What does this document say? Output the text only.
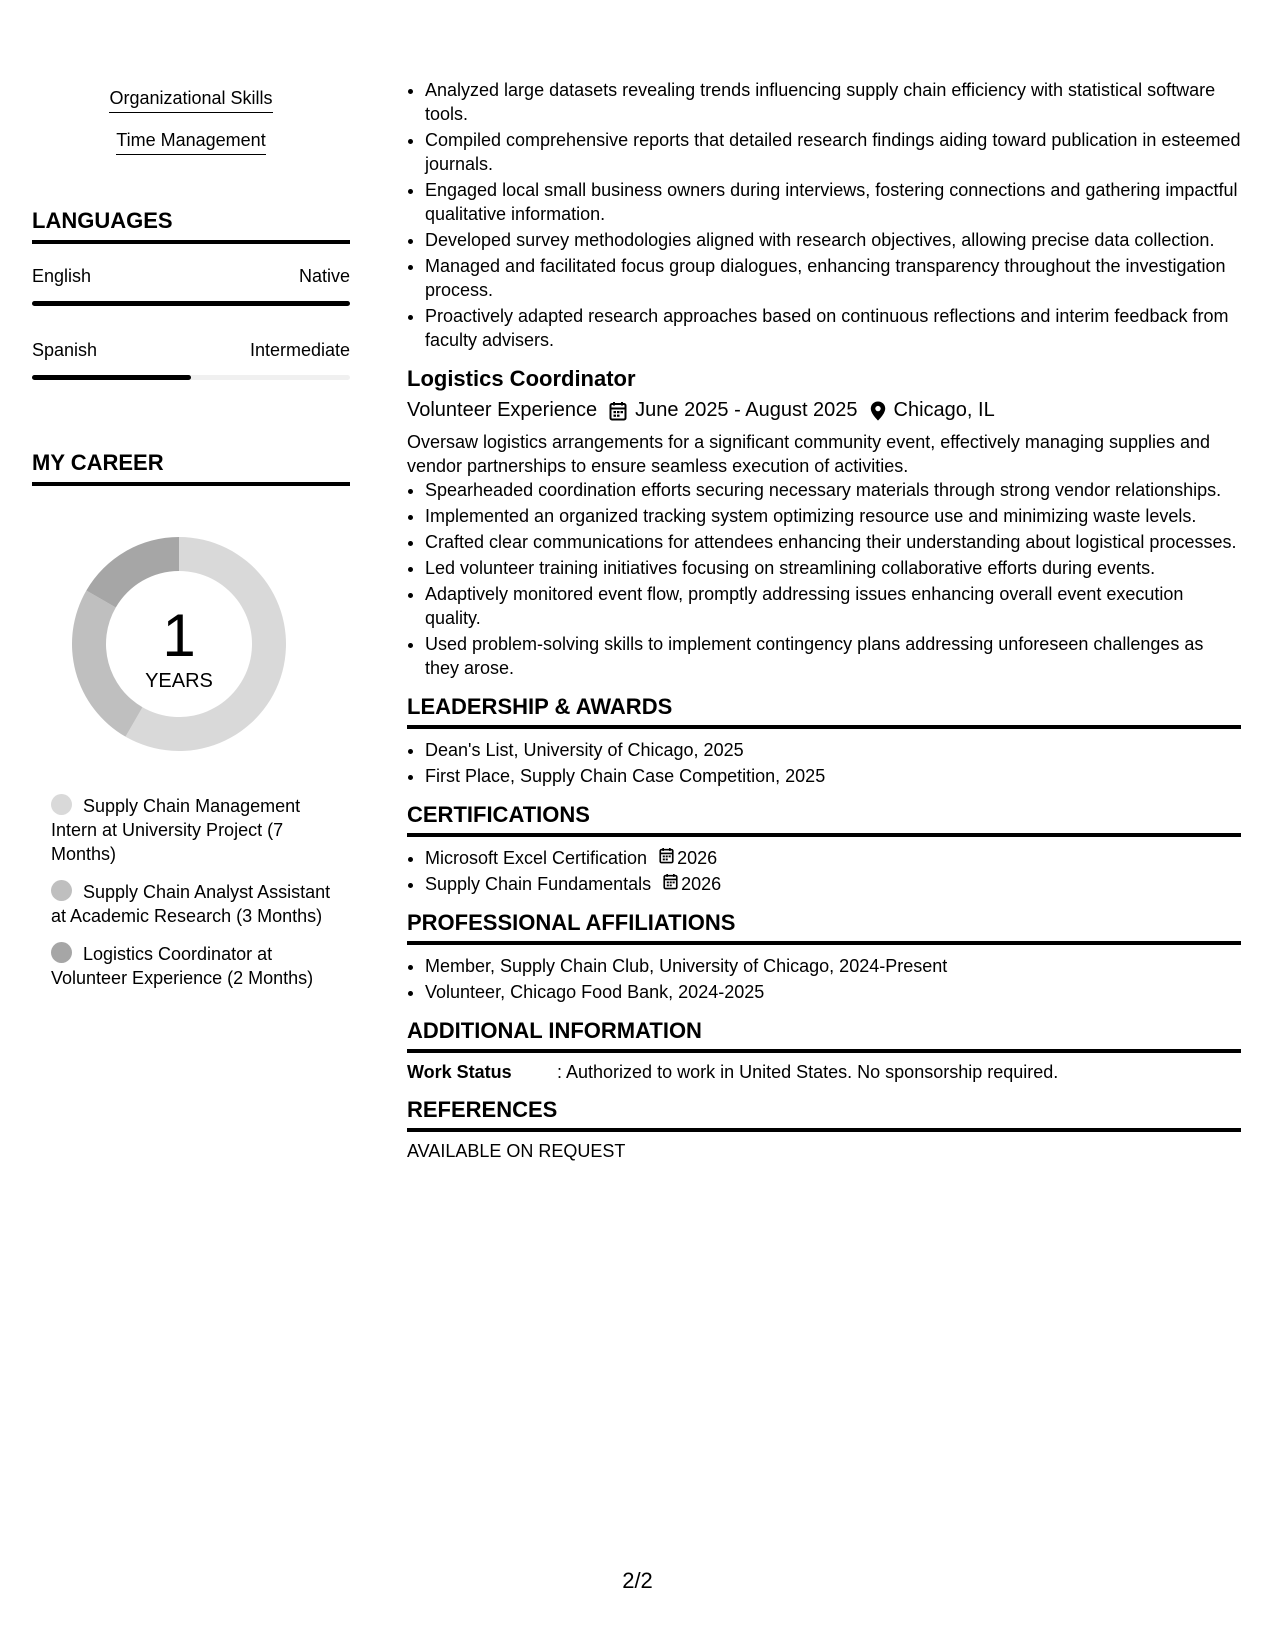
Organizational Skills
Time Management
LANGUAGES
English	Native
Spanish	Intermediate
MY CAREER
1
YEARS
Supply Chain Management Intern at University Project (7 Months)
Supply Chain Analyst Assistant at Academic Research (3 Months)
Logistics Coordinator at Volunteer Experience (2 Months)
• Analyzed large datasets revealing trends influencing supply chain efficiency with statistical software tools.
• Compiled comprehensive reports that detailed research findings aiding toward publication in esteemed journals.
• Engaged local small business owners during interviews, fostering connections and gathering impactful qualitative information.
• Developed survey methodologies aligned with research objectives, allowing precise data collection.
• Managed and facilitated focus group dialogues, enhancing transparency throughout the investigation process.
• Proactively adapted research approaches based on continuous reflections and interim feedback from faculty advisers.
Logistics Coordinator
Volunteer Experience June 2025 - August 2025 Chicago, IL
Oversaw logistics arrangements for a significant community event, effectively managing supplies and vendor partnerships to ensure seamless execution of activities.
• Spearheaded coordination efforts securing necessary materials through strong vendor relationships.
• Implemented an organized tracking system optimizing resource use and minimizing waste levels.
• Crafted clear communications for attendees enhancing their understanding about logistical processes.
• Led volunteer training initiatives focusing on streamlining collaborative efforts during events.
• Adaptively monitored event flow, promptly addressing issues enhancing overall event execution quality.
• Used problem-solving skills to implement contingency plans addressing unforeseen challenges as they arose.
LEADERSHIP & AWARDS
• Dean's List, University of Chicago, 2025
• First Place, Supply Chain Case Competition, 2025
CERTIFICATIONS
• Microsoft Excel Certification 2026
• Supply Chain Fundamentals 2026
PROFESSIONAL AFFILIATIONS
• Member, Supply Chain Club, University of Chicago, 2024-Present
• Volunteer, Chicago Food Bank, 2024-2025
ADDITIONAL INFORMATION
Work Status	: Authorized to work in United States. No sponsorship required.
REFERENCES
AVAILABLE ON REQUEST
2/2
